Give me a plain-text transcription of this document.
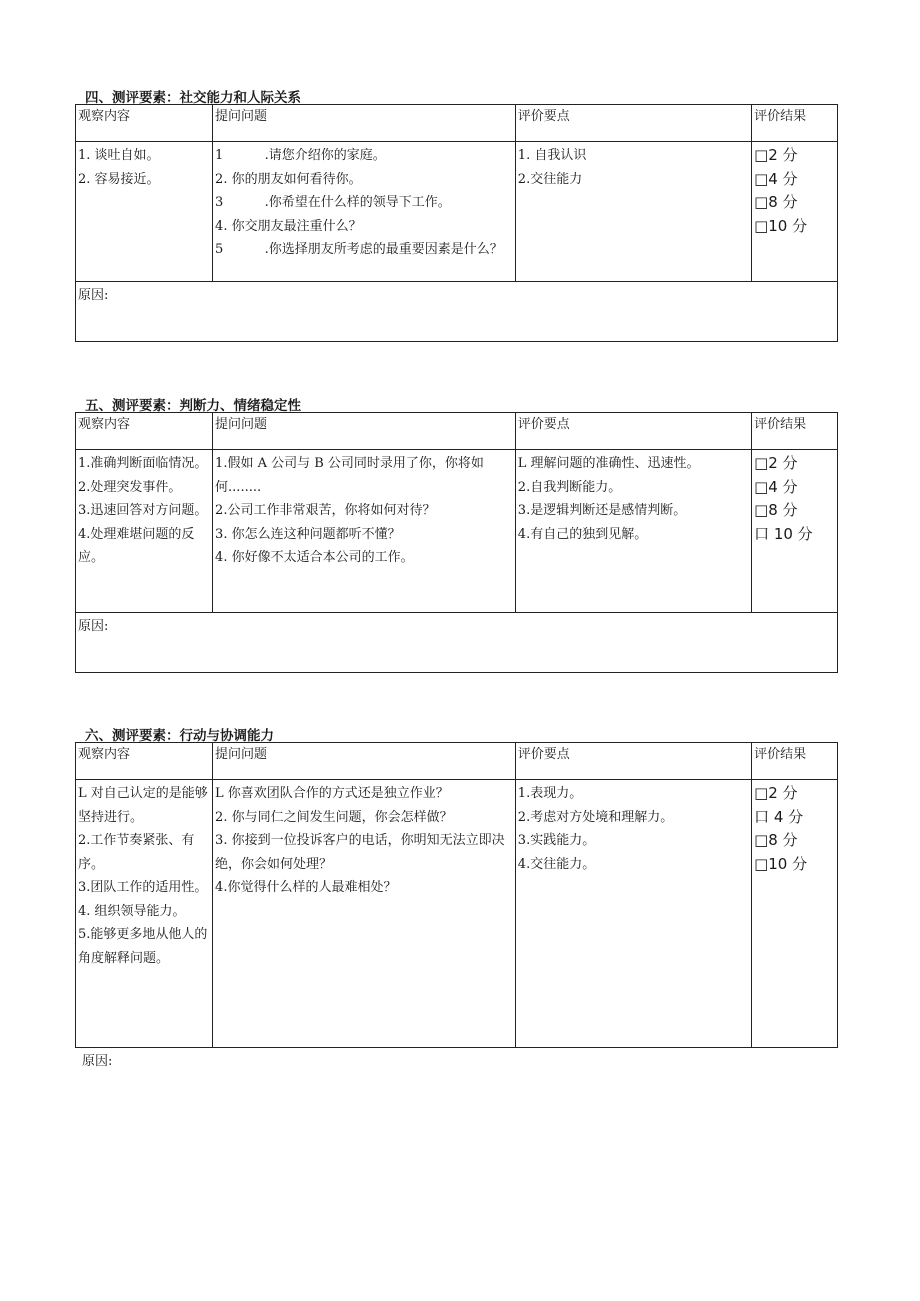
四、测评要素：社交能力和人际关系
观察内容	提问问题	评价要点	评价结果

1. 谈吐自如。
2. 容易接近。	1          .请您介绍你的家庭。
2. 你的朋友如何看待你。
3          .你希望在什么样的领导下工作。
4. 你交朋友最注重什么？
5          .你选择朋友所考虑的最重要因素是什么？	1. 自我认识
2.交往能力	□2 分
□4 分
□8 分
□10 分

原因:			
五、测评要素：判断力、情绪稳定性
观察内容	提问问题	评价要点	评价结果

1.准确判断面临情况。
2.处理突发事件。
3.迅速回答对方问题。
4.处理难堪问题的反应。	1.假如 A 公司与 B 公司同时录用了你，你将如何........
2.公司工作非常艰苦，你将如何对待？
3. 你怎么连这种问题都听不懂？
4. 你好像不太适合本公司的工作。	L 理解问题的准确性、迅速性。
2.自我判断能力。
3.是逻辑判断还是感情判断。
4.有自己的独到见解。	□2 分
□4 分
□8 分
口 10 分

原因:			
六、测评要素：行动与协调能力
观察内容	提问问题	评价要点	评价结果

L 对自己认定的是能够坚持进行。
2.工作节奏紧张、有序。
3.团队工作的适用性。
4. 组织领导能力。
5.能够更多地从他人的角度解释问题。	L 你喜欢团队合作的方式还是独立作业？
2. 你与同仁之间发生问题，你会怎样做？
3. 你接到一位投诉客户的电话，你明知无法立即决绝，你会如何处理？
4.你觉得什么样的人最难相处？	1.表现力。
2.考虑对方处境和理解力。
3.实践能力。
4.交往能力。	□2 分
口 4 分
□8 分
□10 分
原因:
